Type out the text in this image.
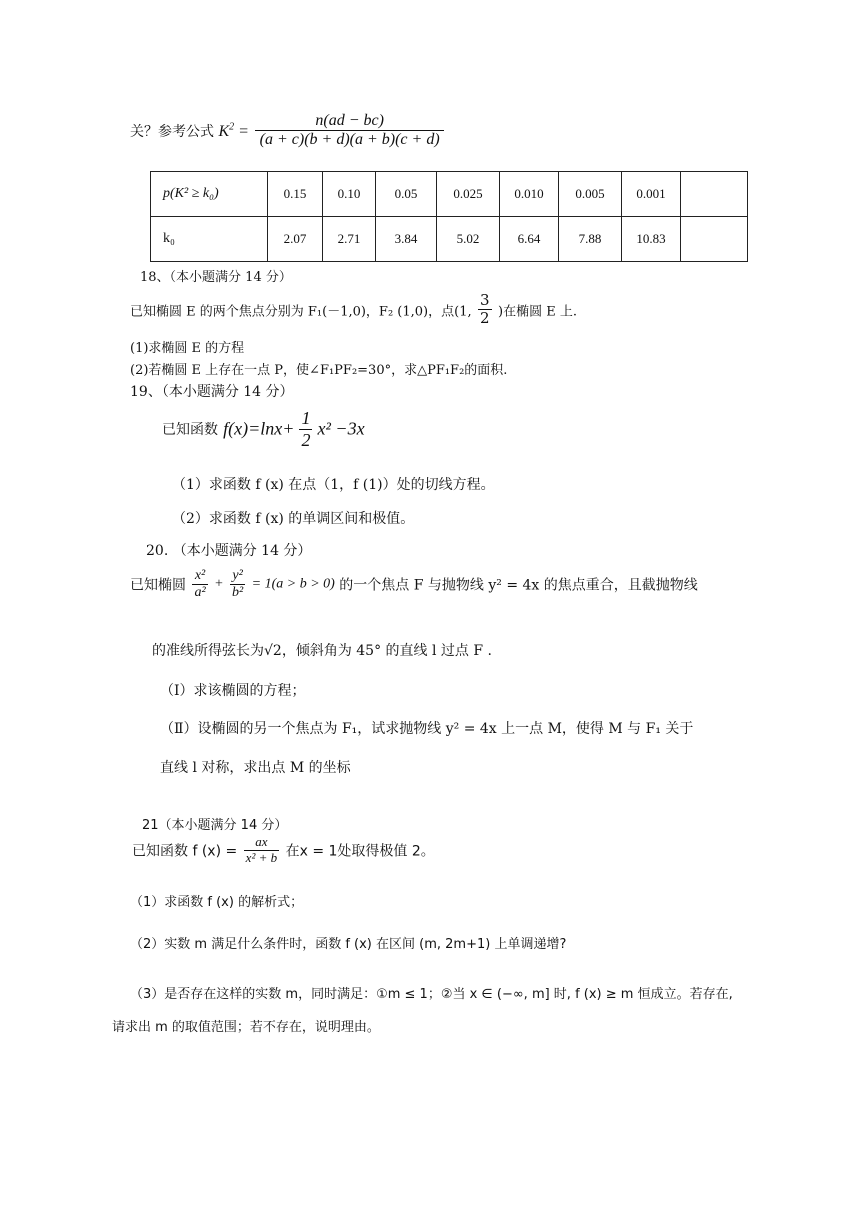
关？参考公式 $K^2 = \frac{n(ad - bc)}{(a + c)(b + d)(a + b)(c + d)}$
p(K² ≥ k₀)	0.15	0.10	0.05	0.025	0.010	0.005	0.001	
k₀	2.07	2.71	3.84	5.02	6.64	7.88	10.83	
18、（本小题满分 14 分）
已知椭圆 E 的两个焦点分别为 F₁(－1,0)，F₂ (1,0)，点(1, $\frac{3}{2}$ )在椭圆 E 上.
(1)求椭圆 E 的方程
(2)若椭圆 E 上存在一点 P，使∠F₁PF₂=30°，求△PF₁F₂的面积.
19、（本小题满分 14 分）
已知函数 $f(x)=\ln x+ \frac{1}{2} x^2 -3x$
（1）求函数 f (x) 在点（1，f (1)）处的切线方程。
（2）求函数 f (x) 的单调区间和极值。
20. （本小题满分 14 分）
已知椭圆 $\frac{\text{x²}}{\text{a²}} + \frac{\text{y²}}{\text{b²}} = 1(a > b > 0)$ 的一个焦点 F 与抛物线 y² = 4x 的焦点重合，且截抛物线
的准线所得弦长为√2，倾斜角为 45° 的直线 l 过点 F .
（Ⅰ）求该椭圆的方程；
（Ⅱ）设椭圆的另一个焦点为 F₁，试求抛物线 y² = 4x 上一点 M，使得 M 与 F₁ 关于
直线 l 对称，求出点 M 的坐标
21（本小题满分 14 分）
已知函数 f $(x) = \frac{ax}{\text{x² + b}}$ 在x = 1处取得极值 2。
（1）求函数 f (x) 的解析式；
（2）实数 m 满足什么条件时，函数 f (x) 在区间 (m, 2m+1) 上单调递增?
（3）是否存在这样的实数 m，同时满足：①m ≤ 1；②当 x ∈ (−∞, m] 时, f (x) ≥ m 恒成立。若存在,
请求出 m 的取值范围；若不存在，说明理由。
